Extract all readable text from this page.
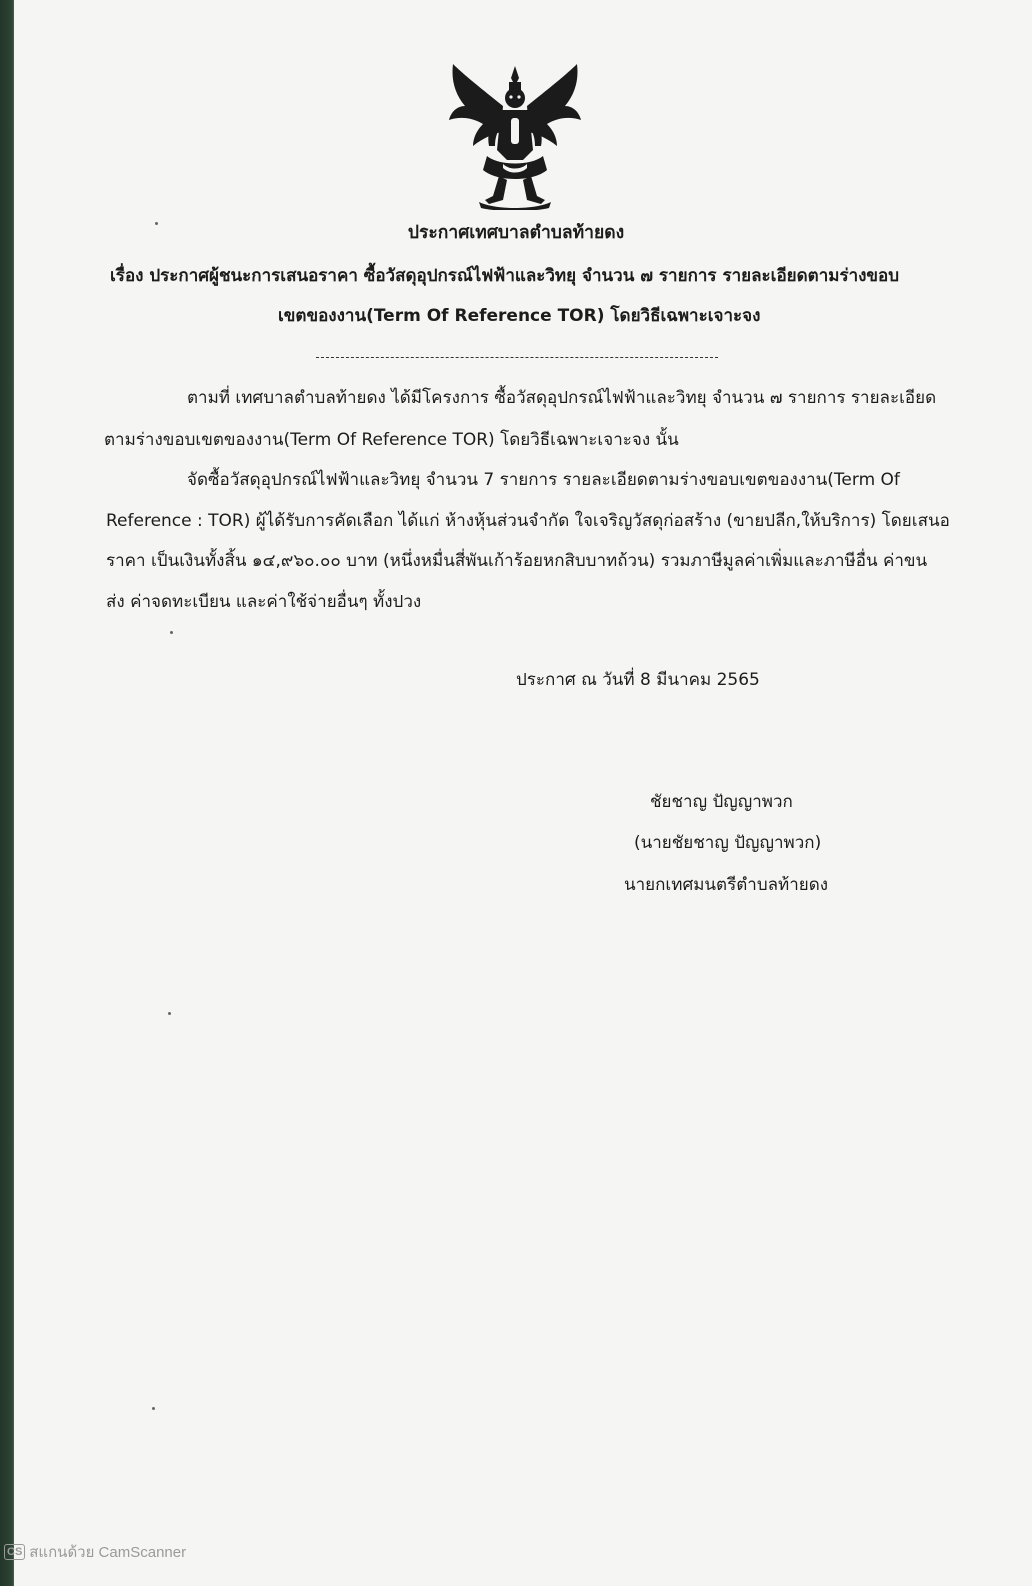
ประกาศเทศบาลตำบลท้ายดง
เรื่อง ประกาศผู้ชนะการเสนอราคา ซื้อวัสดุอุปกรณ์ไฟฟ้าและวิทยุ จำนวน ๗ รายการ รายละเอียดตามร่างขอบ
เขตของงาน(Term Of Reference TOR) โดยวิธีเฉพาะเจาะจง
ตามที่ เทศบาลตำบลท้ายดง ได้มีโครงการ ซื้อวัสดุอุปกรณ์ไฟฟ้าและวิทยุ จำนวน ๗ รายการ รายละเอียด
ตามร่างขอบเขตของงาน(Term Of Reference TOR) โดยวิธีเฉพาะเจาะจง นั้น
จัดซื้อวัสดุอุปกรณ์ไฟฟ้าและวิทยุ จำนวน 7 รายการ รายละเอียดตามร่างขอบเขตของงาน(Term Of
Reference : TOR) ผู้ได้รับการคัดเลือก ได้แก่ ห้างหุ้นส่วนจำกัด ใจเจริญวัสดุก่อสร้าง (ขายปลีก,ให้บริการ) โดยเสนอ
ราคา เป็นเงินทั้งสิ้น ๑๔,๙๖๐.๐๐ บาท (หนึ่งหมื่นสี่พันเก้าร้อยหกสิบบาทถ้วน) รวมภาษีมูลค่าเพิ่มและภาษีอื่น ค่าขน
ส่ง ค่าจดทะเบียน และค่าใช้จ่ายอื่นๆ ทั้งปวง
ประกาศ ณ วันที่ 8 มีนาคม 2565
ชัยชาญ ปัญญาพวก
(นายชัยชาญ ปัญญาพวก)
นายกเทศมนตรีตำบลท้ายดง
CS สแกนด้วย CamScanner
